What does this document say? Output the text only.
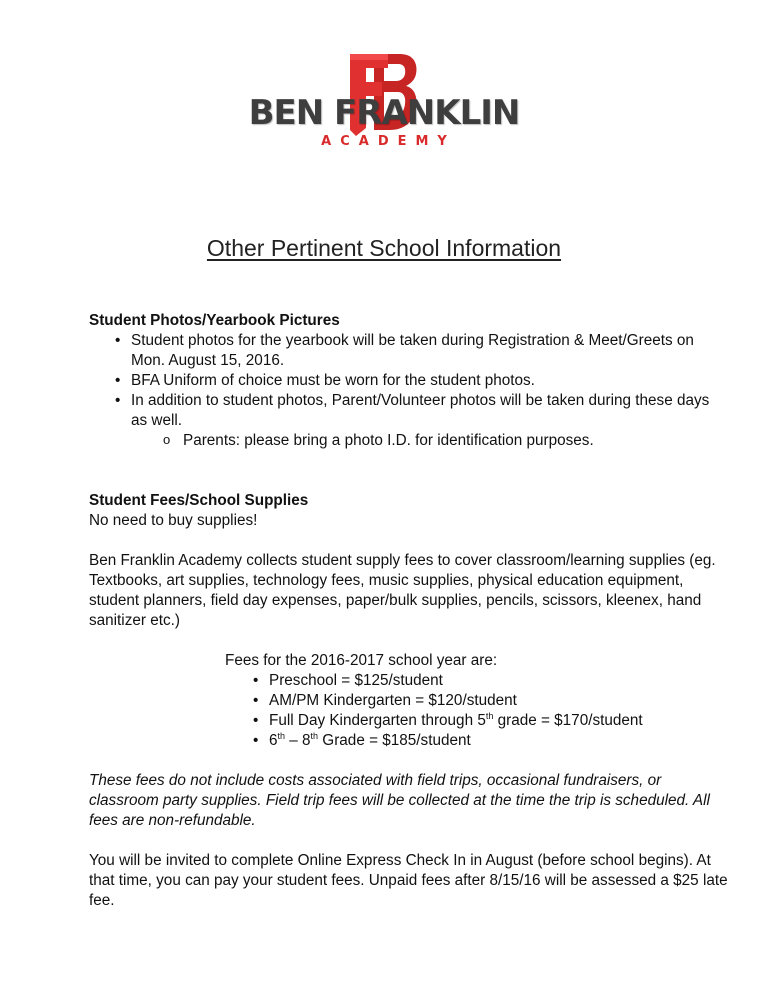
BEN FRANKLIN
ACADEMY
Other Pertinent School Information

Student Photos/Yearbook Pictures

• Student photos for the yearbook will be taken during Registration & Meet/Greets on Mon. August 15, 2016.
• BFA Uniform of choice must be worn for the student photos.
• In addition to student photos, Parent/Volunteer photos will be taken during these days as well.
o Parents: please bring a photo I.D. for identification purposes.

Student Fees/School Supplies

No need to buy supplies!

Ben Franklin Academy collects student supply fees to cover classroom/learning supplies (eg. Textbooks, art supplies, technology fees, music supplies, physical education equipment, student planners, field day expenses, paper/bulk supplies, pencils, scissors, kleenex, hand sanitizer etc.)

Fees for the 2016-2017 school year are:

• Preschool = $125/student
• AM/PM Kindergarten = $120/student
• Full Day Kindergarten through 5th grade = $170/student
• 6th – 8th Grade = $185/student

These fees do not include costs associated with field trips, occasional fundraisers, or classroom party supplies. Field trip fees will be collected at the time the trip is scheduled. All fees are non-refundable.

You will be invited to complete Online Express Check In in August (before school begins). At that time, you can pay your student fees. Unpaid fees after 8/15/16 will be assessed a $25 late fee.
